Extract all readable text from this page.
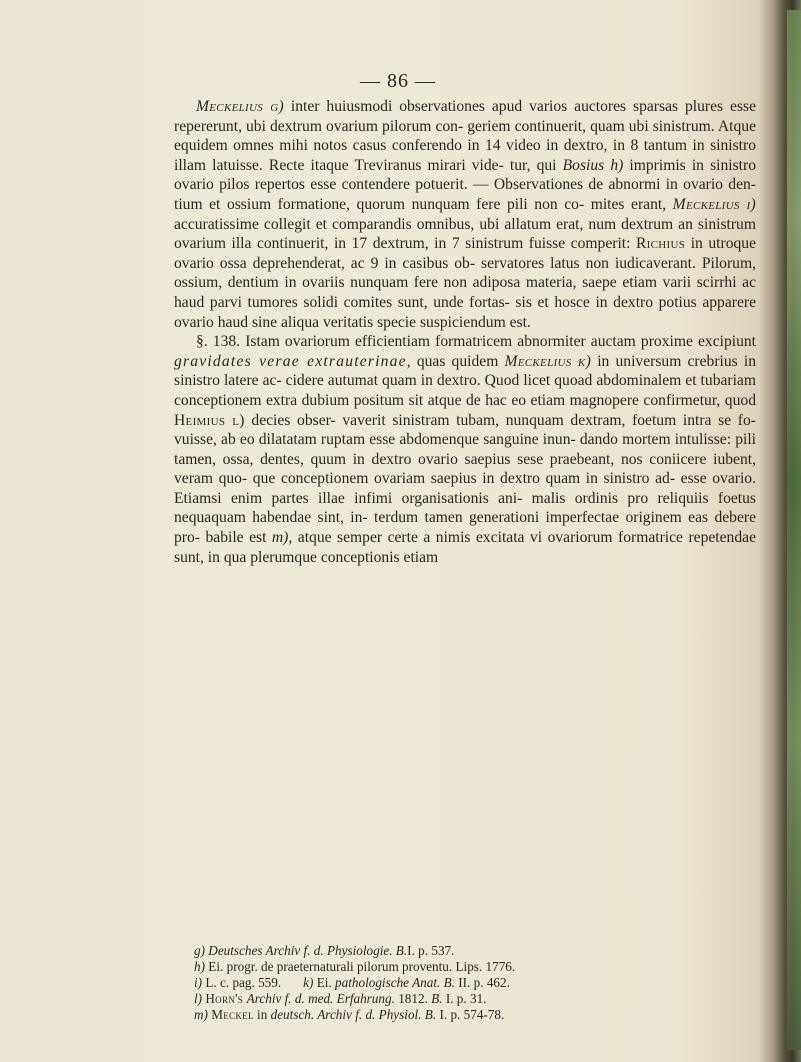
— 86 —

Meckelius g) inter huiusmodi observationes apud varios auctores sparsas plures esse repererunt, ubi dextrum ovarium pilorum con- geriem continuerit, quam ubi sinistrum. Atque equidem omnes mihi notos casus conferendo in 14 video in dextro, in 8 tantum in sinistro illam latuisse. Recte itaque Treviranus mirari vide- tur, qui Bosius h) imprimis in sinistro ovario pilos repertos esse contendere potuerit. — Observationes de abnormi in ovario den- tium et ossium formatione, quorum nunquam fere pili non co- mites erant, Meckelius i) accuratissime collegit et comparandis omnibus, ubi allatum erat, num dextrum an sinistrum ovarium illa continuerit, in 17 dextrum, in 7 sinistrum fuisse comperit: Richius in utroque ovario ossa deprehenderat, ac 9 in casibus ob- servatores latus non iudicaverant. Pilorum, ossium, dentium in ovariis nunquam fere non adiposa materia, saepe etiam varii scirrhi ac haud parvi tumores solidi comites sunt, unde fortas- sis et hosce in dextro potius apparere ovario haud sine aliqua veritatis specie suspiciendum est.

§. 138. Istam ovariorum efficientiam formatricem abnormiter auctam proxime excipiunt gravidates verae extrauterinae, quas quidem Meckelius k) in universum crebrius in sinistro latere ac- cidere autumat quam in dextro. Quod licet quoad abdominalem et tubariam conceptionem extra dubium positum sit atque de hac eo etiam magnopere confirmetur, quod Heimius l) decies obser- vaverit sinistram tubam, nunquam dextram, foetum intra se fo- vuisse, ab eo dilatatam ruptam esse abdomenque sanguine inun- dando mortem intulisse: pili tamen, ossa, dentes, quum in dextro ovario saepius sese praebeant, nos coniicere iubent, veram quo- que conceptionem ovariam saepius in dextro quam in sinistro ad- esse ovario. Etiamsi enim partes illae infimi organisationis ani- malis ordinis pro reliquiis foetus nequaquam habendae sint, in- terdum tamen generationi imperfectae originem eas debere pro- babile est m), atque semper certe a nimis excitata vi ovariorum formatrice repetendae sunt, in qua plerumque conceptionis etiam

g) Deutsches Archiv f. d. Physiologie. B.I. p. 537.

h) Ei. progr. de praeternaturali pilorum proventu. Lips. 1776.

i) L. c. pag. 559. k) Ei. pathologische Anat. B. II. p. 462.

l) Horn's Archiv f. d. med. Erfahrung. 1812. B. I. p. 31.

m) Meckel in deutsch. Archiv f. d. Physiol. B. I. p. 574-78.
